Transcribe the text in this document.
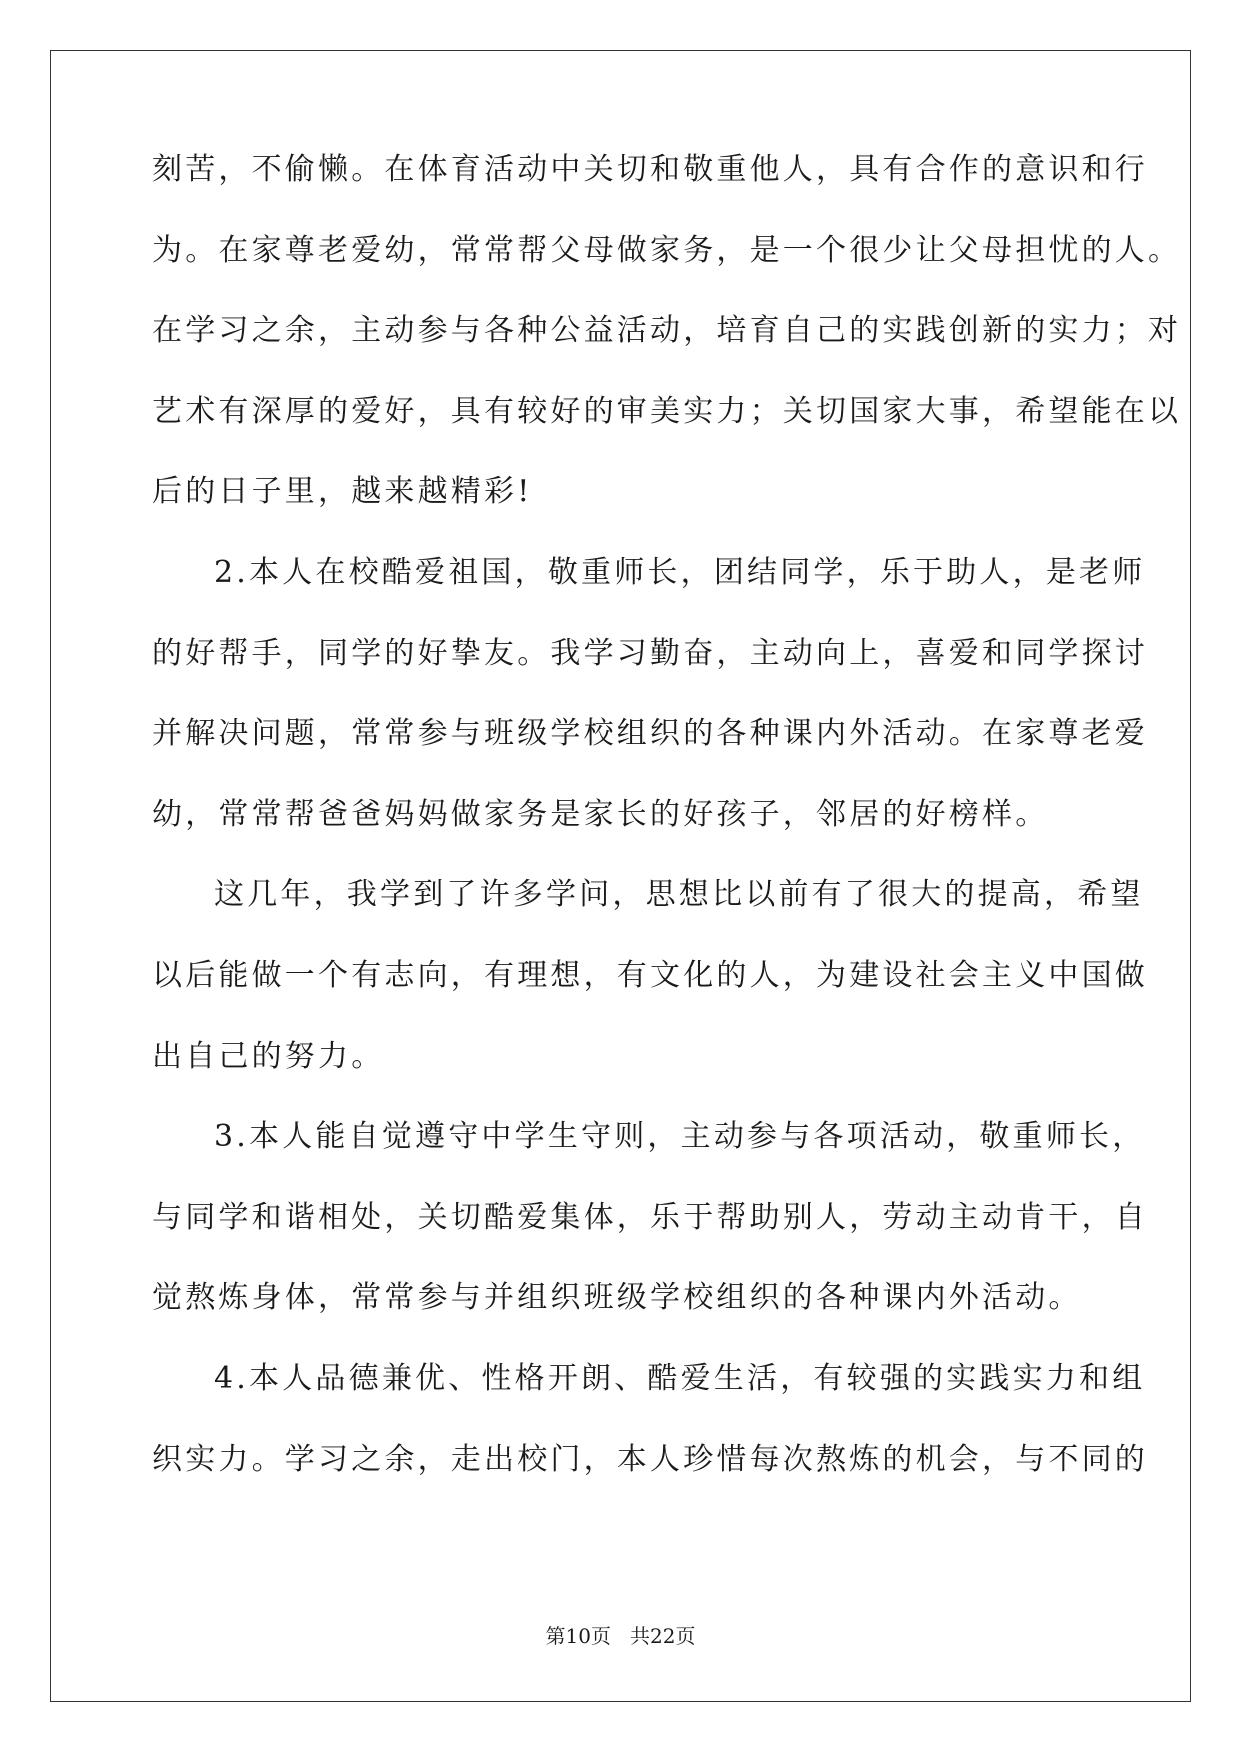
刻苦，不偷懒。在体育活动中关切和敬重他人，具有合作的意识和行
为。在家尊老爱幼，常常帮父母做家务，是一个很少让父母担忧的人。
在学习之余，主动参与各种公益活动，培育自己的实践创新的实力；对
艺术有深厚的爱好，具有较好的审美实力；关切国家大事，希望能在以
后的日子里，越来越精彩!
2.本人在校酷爱祖国，敬重师长，团结同学，乐于助人，是老师
的好帮手，同学的好挚友。我学习勤奋，主动向上，喜爱和同学探讨
并解决问题，常常参与班级学校组织的各种课内外活动。在家尊老爱
幼，常常帮爸爸妈妈做家务是家长的好孩子，邻居的好榜样。
这几年，我学到了许多学问，思想比以前有了很大的提高，希望
以后能做一个有志向，有理想，有文化的人，为建设社会主义中国做
出自己的努力。
3.本人能自觉遵守中学生守则，主动参与各项活动，敬重师长，
与同学和谐相处，关切酷爱集体，乐于帮助别人，劳动主动肯干，自
觉熬炼身体，常常参与并组织班级学校组织的各种课内外活动。
4.本人品德兼优、性格开朗、酷爱生活，有较强的实践实力和组
织实力。学习之余，走出校门，本人珍惜每次熬炼的机会，与不同的
第10页   共22页
